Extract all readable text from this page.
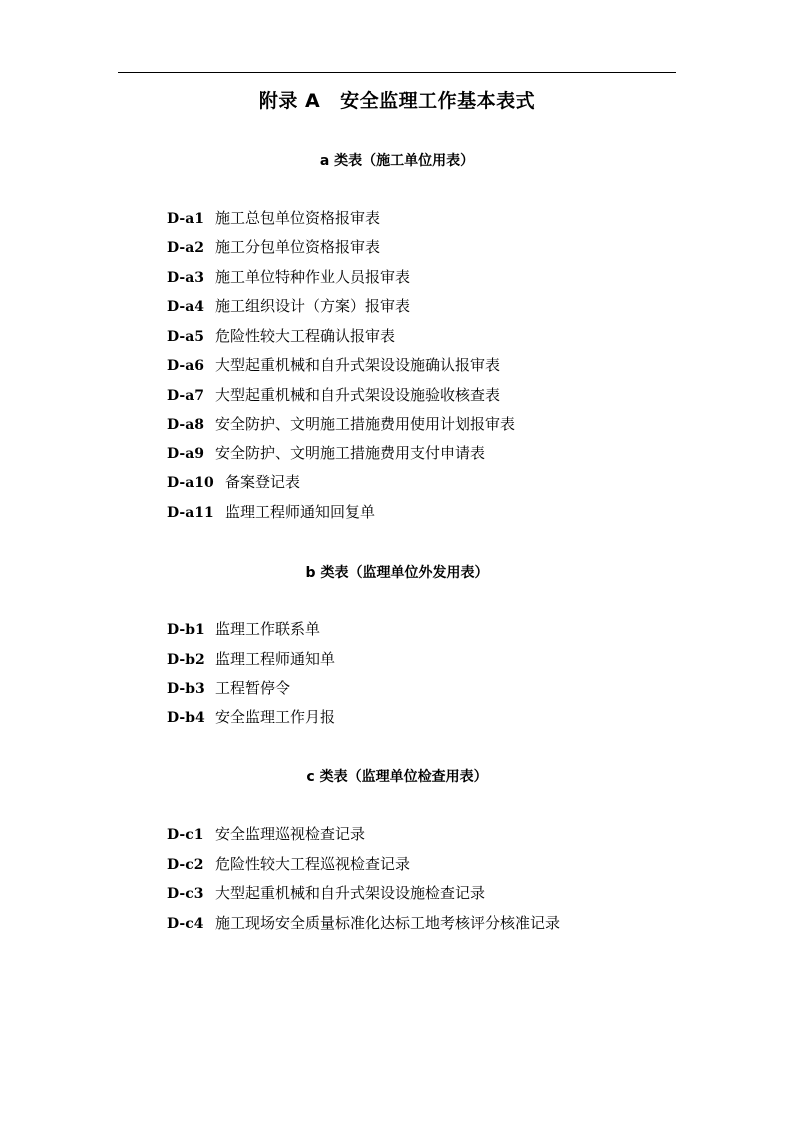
附录 A 安全监理工作基本表式
a 类表（施工单位用表）
D-a1 施工总包单位资格报审表
D-a2 施工分包单位资格报审表
D-a3 施工单位特种作业人员报审表
D-a4 施工组织设计（方案）报审表
D-a5 危险性较大工程确认报审表
D-a6 大型起重机械和自升式架设设施确认报审表
D-a7 大型起重机械和自升式架设设施验收核查表
D-a8 安全防护、文明施工措施费用使用计划报审表
D-a9 安全防护、文明施工措施费用支付申请表
D-a10 备案登记表
D-a11 监理工程师通知回复单
b 类表（监理单位外发用表）
D-b1 监理工作联系单
D-b2 监理工程师通知单
D-b3 工程暂停令
D-b4 安全监理工作月报
c 类表（监理单位检查用表）
D-c1 安全监理巡视检查记录
D-c2 危险性较大工程巡视检查记录
D-c3 大型起重机械和自升式架设设施检查记录
D-c4 施工现场安全质量标准化达标工地考核评分核准记录
